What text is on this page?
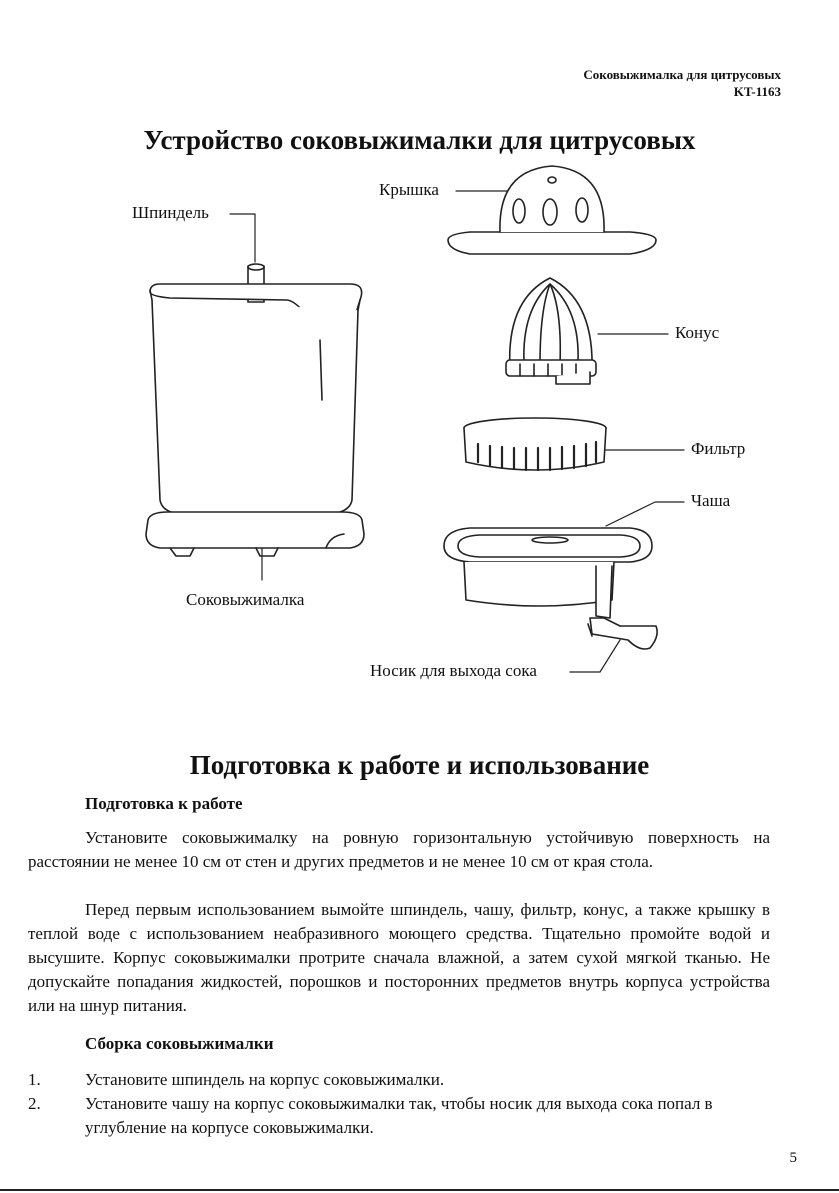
Соковыжималка для цитрусовых
KT-1163
Устройство соковыжималки для цитрусовых
Крышка
Шпиндель
Конус
Фильтр
Чаша
Соковыжималка
Носик для выхода сока
Подготовка к работе и использование
Подготовка к работе

Установите соковыжималку на ровную горизонтальную устойчивую поверхность на расстоянии не менее 10 см от стен и других предметов и не менее 10 см от края стола.

Перед первым использованием вымойте шпиндель, чашу, фильтр, конус, а также крышку в теплой воде с использованием неабразивного моющего средства. Тщательно промойте водой и высушите. Корпус соковыжималки протрите сначала влажной, а затем сухой мягкой тканью. Не допускайте попадания жидкостей, порошков и посторонних предметов внутрь корпуса устройства или на шнур питания.

Сборка соковыжималки
1.	Установите шпиндель на корпус соковыжималки.
2.	Установите чашу на корпус соковыжималки так, чтобы носик для выхода сока попал в углубление на корпусе соковыжималки.
5
